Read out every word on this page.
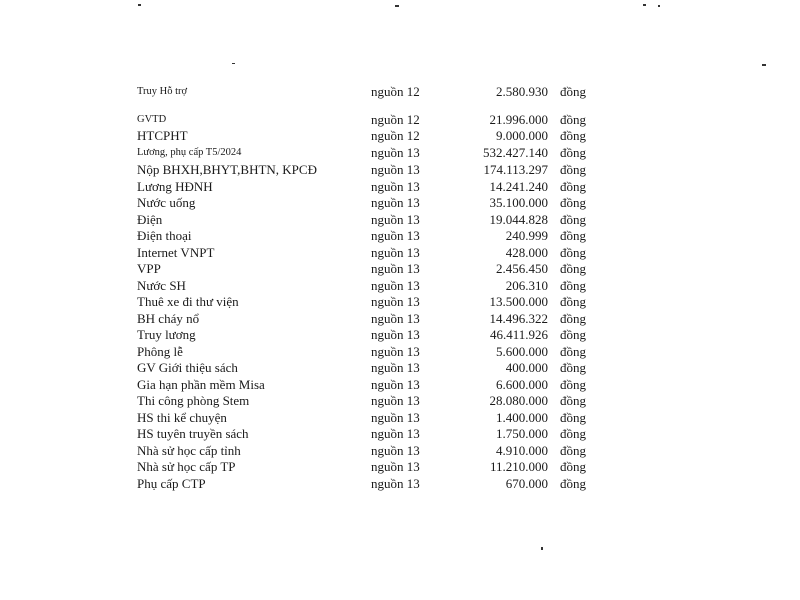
Truy Hỗ trợ	nguồn 12	2.580.930 đồng
GVTD	nguồn 12	21.996.000 đồng
HTCPHT	nguồn 12	9.000.000 đồng
Lương, phụ cấp T5/2024	nguồn 13	532.427.140 đồng
Nộp BHXH,BHYT,BHTN, KPCĐ	nguồn 13	174.113.297 đồng
Lương HĐNH	nguồn 13	14.241.240 đồng
Nước uống	nguồn 13	35.100.000 đồng
Điện	nguồn 13	19.044.828 đồng
Điện thoại	nguồn 13	240.999 đồng
Internet VNPT	nguồn 13	428.000 đồng
VPP	nguồn 13	2.456.450 đồng
Nước SH	nguồn 13	206.310 đồng
Thuê xe đi thư viện	nguồn 13	13.500.000 đồng
BH cháy nổ	nguồn 13	14.496.322 đồng
Truy lương	nguồn 13	46.411.926 đồng
Phông lễ	nguồn 13	5.600.000 đồng
GV Giới thiệu sách	nguồn 13	400.000 đồng
Gia hạn phần mềm Misa	nguồn 13	6.600.000 đồng
Thi công phòng Stem	nguồn 13	28.080.000 đồng
HS thi kể chuyện	nguồn 13	1.400.000 đồng
HS tuyên truyền sách	nguồn 13	1.750.000 đồng
Nhà sử học cấp tỉnh	nguồn 13	4.910.000 đồng
Nhà sử học cấp TP	nguồn 13	11.210.000 đồng
Phụ cấp CTP	nguồn 13	670.000 đồng
